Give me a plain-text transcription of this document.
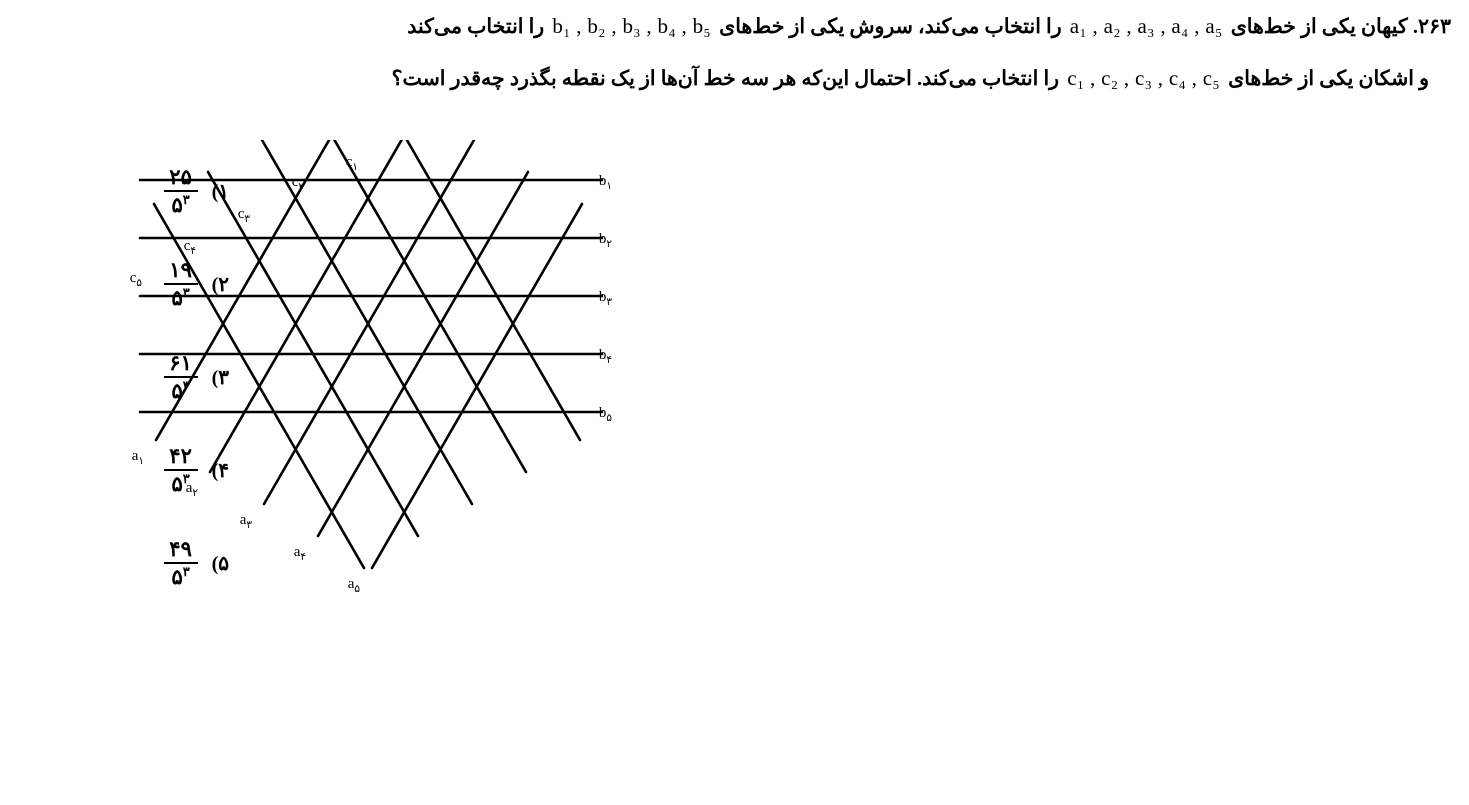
۲۶۳. کیهان یکی از خط‌های a₁ , a₂ , a₃ , a₄ , a₅ را انتخاب می‌کند، سروش یکی از خط‌های b₁ , b₂ , b₃ , b₄ , b₅ را انتخاب می‌کند
و اشکان یکی از خط‌های c₁ , c₂ , c₃ , c₄ , c₅ را انتخاب می‌کند. احتمال این‌که هر سه خط آن‌ها از یک نقطه بگذرد چه‌قدر است؟
$b_۱$
$b_۲$
$b_۳$
$b_۴$
$b_۵$
$a_۱$
$a_۲$
$a_۳$
$a_۴$
$a_۵$
$c_۱$
$c_۲$
$c_۳$
$c_۴$
$c_۵$
۱)
$\frac{۲۵}{۵^۳}$
۲)
$\frac{۱۹}{۵^۳}$
۳)
$\frac{۶۱}{۵^۳}$
۴)
$\frac{۴۲}{۵^۳}$
۵)
$\frac{۴۹}{۵^۳}$
